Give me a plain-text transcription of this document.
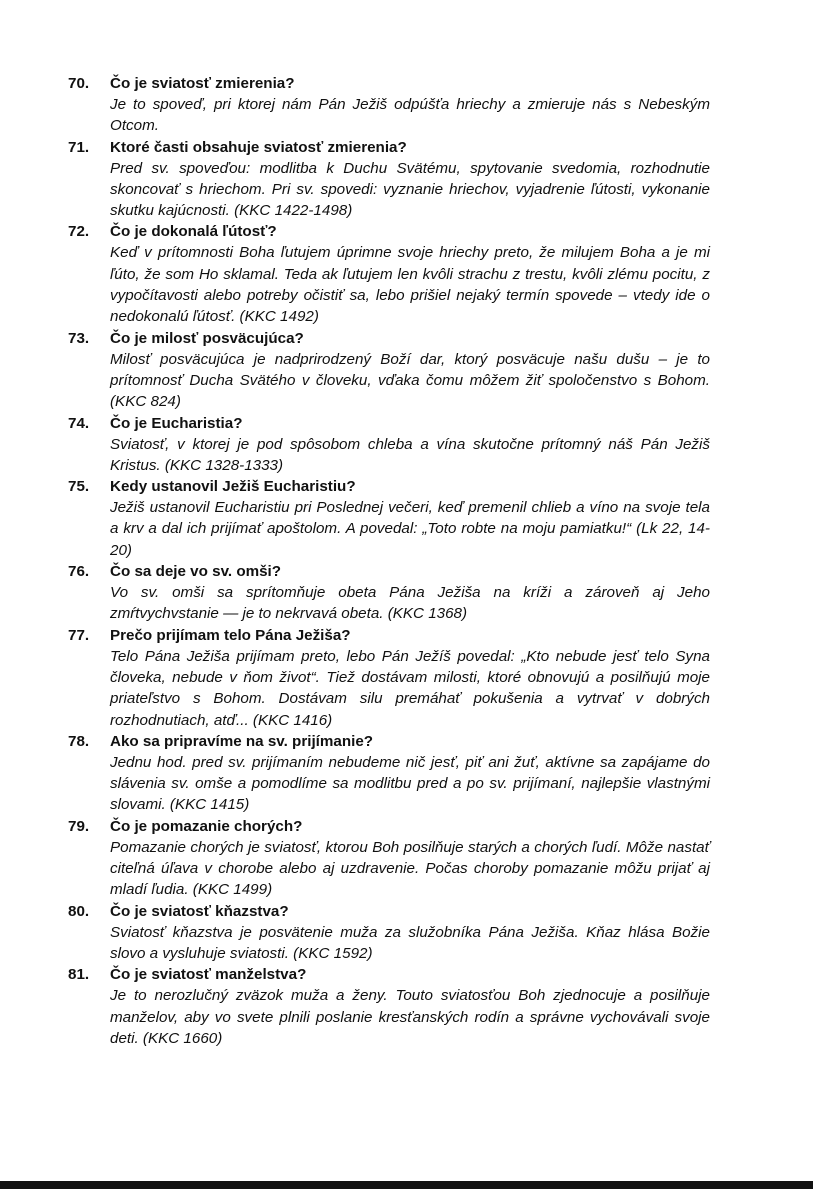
70.	Čo je sviatosť zmierenia?
Je to spoveď, pri ktorej nám Pán Ježiš odpúšťa hriechy a zmieruje nás s Nebeským Otcom.
71.	Ktoré časti obsahuje sviatosť zmierenia?
Pred sv. spoveďou: modlitba k Duchu Svätému, spytovanie svedomia, rozhodnutie skoncovať s hriechom. Pri sv. spovedi: vyznanie hriechov, vyjadrenie ľútosti, vykonanie skutku kajúcnosti. (KKC 1422-1498)
72.	Čo je dokonalá ľútosť?
Keď v prítomnosti Boha ľutujem úprimne svoje hriechy preto, že milujem Boha a je mi ľúto, že som Ho sklamal. Teda ak ľutujem len kvôli strachu z trestu, kvôli zlému pocitu, z vypočítavosti alebo potreby očistiť sa, lebo prišiel nejaký termín spovede – vtedy ide o nedokonalú ľútosť. (KKC 1492)
73.	Čo je milosť posväcujúca?
Milosť posväcujúca je nadprirodzený Boží dar, ktorý posväcuje našu dušu – je to prítomnosť Ducha Svätého v človeku, vďaka čomu môžem žiť spoločenstvo s Bohom. (KKC 824)
74.	Čo je Eucharistia?
Sviatosť, v ktorej je pod spôsobom chleba a vína skutočne prítomný náš Pán Ježiš Kristus. (KKC 1328-1333)
75.	Kedy ustanovil Ježiš Eucharistiu?
Ježiš ustanovil Eucharistiu pri Poslednej večeri, keď premenil chlieb a víno na svoje tela a krv a dal ich prijímať apoštolom. A povedal: „Toto robte na moju pamiatku!“ (Lk 22, 14-20)
76.	Čo sa deje vo sv. omši?
Vo sv. omši sa sprítomňuje obeta Pána Ježiša na kríži a zároveň aj Jeho zmŕtvychvstanie — je to nekrvavá obeta. (KKC 1368)
77.	Prečo prijímam telo Pána Ježiša?
Telo Pána Ježiša prijímam preto, lebo Pán Ježíš povedal: „Kto nebude jesť telo Syna človeka, nebude v ňom život“. Tiež dostávam milosti, ktoré obnovujú a posilňujú moje priateľstvo s Bohom. Dostávam silu premáhať pokušenia a vytrvať v dobrých rozhodnutiach, atď... (KKC 1416)
78.	Ako sa pripravíme na sv. prijímanie?
Jednu hod. pred sv. prijímaním nebudeme nič jesť, piť ani žuť, aktívne sa zapájame do slávenia sv. omše a pomodlíme sa modlitbu pred a po sv. prijímaní, najlepšie vlastnými slovami. (KKC 1415)
79.	Čo je pomazanie chorých?
Pomazanie chorých je sviatosť, ktorou Boh posilňuje starých a chorých ľudí. Môže nastať citeľná úľava v chorobe alebo aj uzdravenie. Počas choroby pomazanie môžu prijať aj mladí ľudia. (KKC 1499)
80.	Čo je sviatosť kňazstva?
Sviatosť kňazstva je posvätenie muža za služobníka Pána Ježiša. Kňaz hlása Božie slovo a vysluhuje sviatosti. (KKC 1592)
81.	Čo je sviatosť manželstva?
Je to nerozlučný zväzok muža a ženy. Touto sviatosťou Boh zjednocuje a posilňuje manželov, aby vo svete plnili poslanie kresťanských rodín a správne vychovávali svoje deti. (KKC 1660)
